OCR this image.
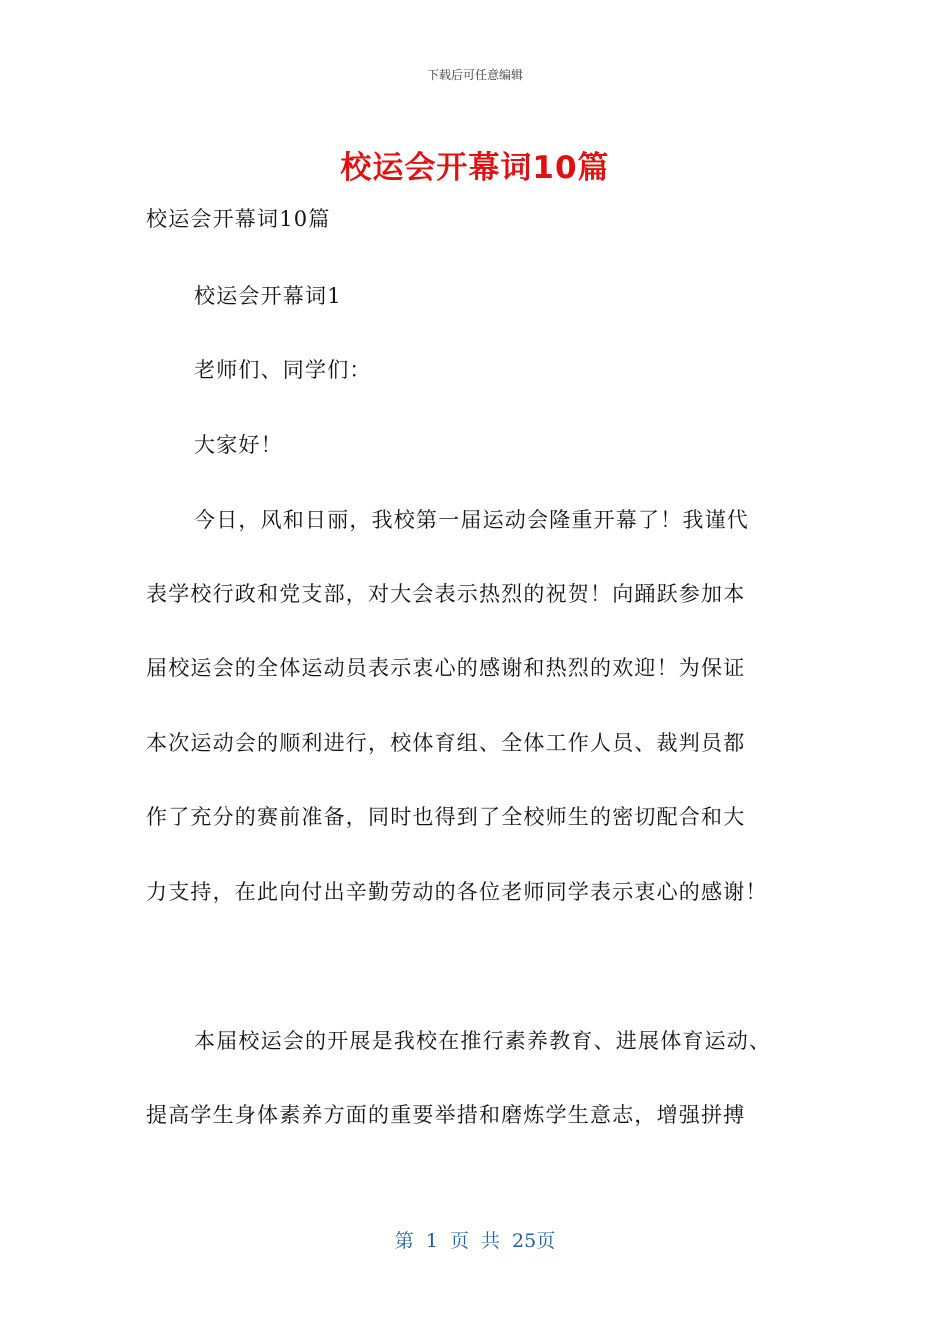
下载后可任意编辑
校运会开幕词10篇
校运会开幕词10篇
校运会开幕词1
老师们、同学们：
大家好！
今日，风和日丽，我校第一届运动会隆重开幕了！我谨代
表学校行政和党支部，对大会表示热烈的祝贺！向踊跃参加本
届校运会的全体运动员表示衷心的感谢和热烈的欢迎！为保证
本次运动会的顺利进行，校体育组、全体工作人员、裁判员都
作了充分的赛前准备，同时也得到了全校师生的密切配合和大
力支持，在此向付出辛勤劳动的各位老师同学表示衷心的感谢！
本届校运会的开展是我校在推行素养教育、进展体育运动、
提高学生身体素养方面的重要举措和磨炼学生意志，增强拼搏
第 1 页 共 25页
